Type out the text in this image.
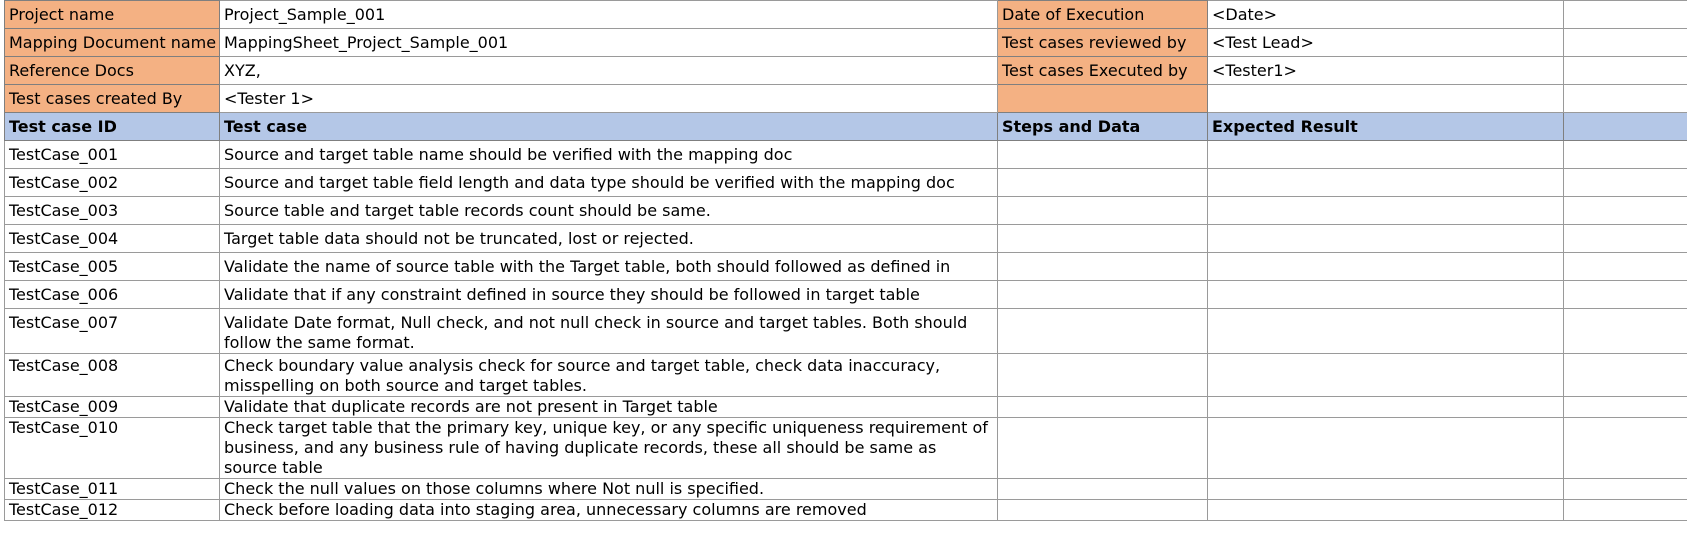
Project name	Project_Sample_001	Date of Execution	<Date>	
Mapping Document name	MappingSheet_Project_Sample_001	Test cases reviewed by	<Test Lead>	
Reference Docs	XYZ,	Test cases Executed by	<Tester1>	
Test cases created By	<Tester 1>			
Test case ID	Test case	Steps and Data	Expected Result	
TestCase_001	Source and target table name should be verified with the mapping doc			
TestCase_002	Source and target table field length and data type should be verified with the mapping doc			
TestCase_003	Source table and target table records count should be same.			
TestCase_004	Target table data should not be truncated, lost or rejected.			
TestCase_005	Validate the name of source table with the Target table, both should followed as defined in			
TestCase_006	Validate that if any constraint defined in source they should be followed in target table			
TestCase_007	Validate Date format, Null check, and not null check in source and target tables. Both should follow the same format.			
TestCase_008	Check boundary value analysis check for source and target table, check data inaccuracy, misspelling on both source and target tables.			
TestCase_009	Validate that duplicate records are not present in Target table			
TestCase_010	Check target table that the primary key, unique key, or any specific uniqueness requirement of business, and any business rule of having duplicate records, these all should be same as source table			
TestCase_011	Check the null values on those columns where Not null is specified.			
TestCase_012	Check before loading data into staging area, unnecessary columns are removed			
